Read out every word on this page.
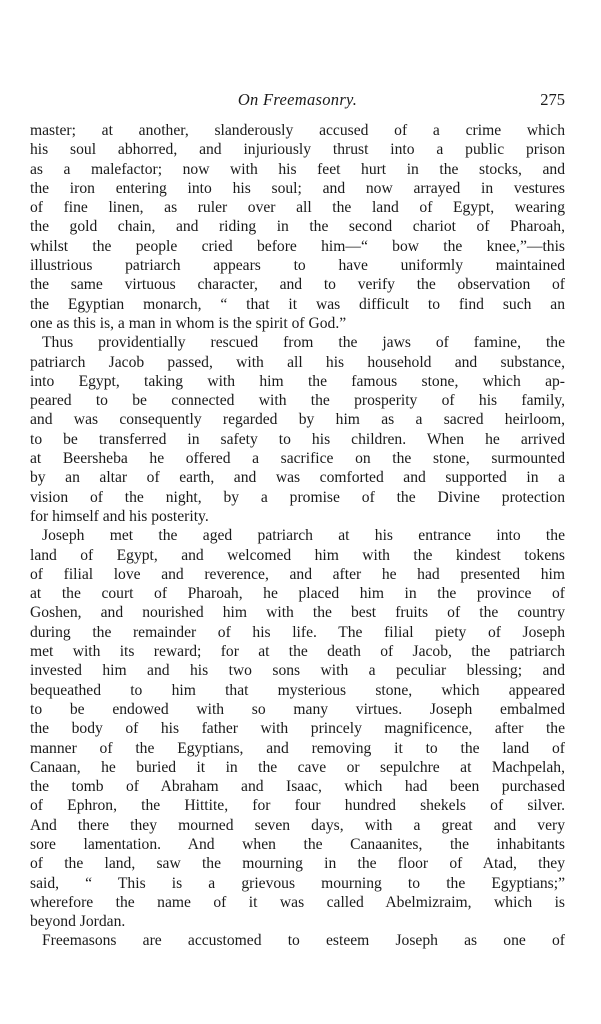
On Freemasonry.	275
master; at another, slanderously accused of a crime which
his soul abhorred, and injuriously thrust into a public prison
as a malefactor; now with his feet hurt in the stocks, and
the iron entering into his soul; and now arrayed in vestures
of fine linen, as ruler over all the land of Egypt, wearing
the gold chain, and riding in the second chariot of Pharoah,
whilst the people cried before him—“ bow the knee,”—this
illustrious patriarch appears to have uniformly maintained
the same virtuous character, and to verify the observation of
the Egyptian monarch, “ that it was difficult to find such an
one as this is, a man in whom is the spirit of God.”
Thus providentially rescued from the jaws of famine, the
patriarch Jacob passed, with all his household and substance,
into Egypt, taking with him the famous stone, which ap-
peared to be connected with the prosperity of his family,
and was consequently regarded by him as a sacred heirloom,
to be transferred in safety to his children. When he arrived
at Beersheba he offered a sacrifice on the stone, surmounted
by an altar of earth, and was comforted and supported in a
vision of the night, by a promise of the Divine protection
for himself and his posterity.
Joseph met the aged patriarch at his entrance into the
land of Egypt, and welcomed him with the kindest tokens
of filial love and reverence, and after he had presented him
at the court of Pharoah, he placed him in the province of
Goshen, and nourished him with the best fruits of the country
during the remainder of his life. The filial piety of Joseph
met with its reward; for at the death of Jacob, the patriarch
invested him and his two sons with a peculiar blessing; and
bequeathed to him that mysterious stone, which appeared
to be endowed with so many virtues. Joseph embalmed
the body of his father with princely magnificence, after the
manner of the Egyptians, and removing it to the land of
Canaan, he buried it in the cave or sepulchre at Machpelah,
the tomb of Abraham and Isaac, which had been purchased
of Ephron, the Hittite, for four hundred shekels of silver.
And there they mourned seven days, with a great and very
sore lamentation. And when the Canaanites, the inhabitants
of the land, saw the mourning in the floor of Atad, they
said, “ This is a grievous mourning to the Egyptians;”
wherefore the name of it was called Abelmizraim, which is
beyond Jordan.
Freemasons are accustomed to esteem Joseph as one of
